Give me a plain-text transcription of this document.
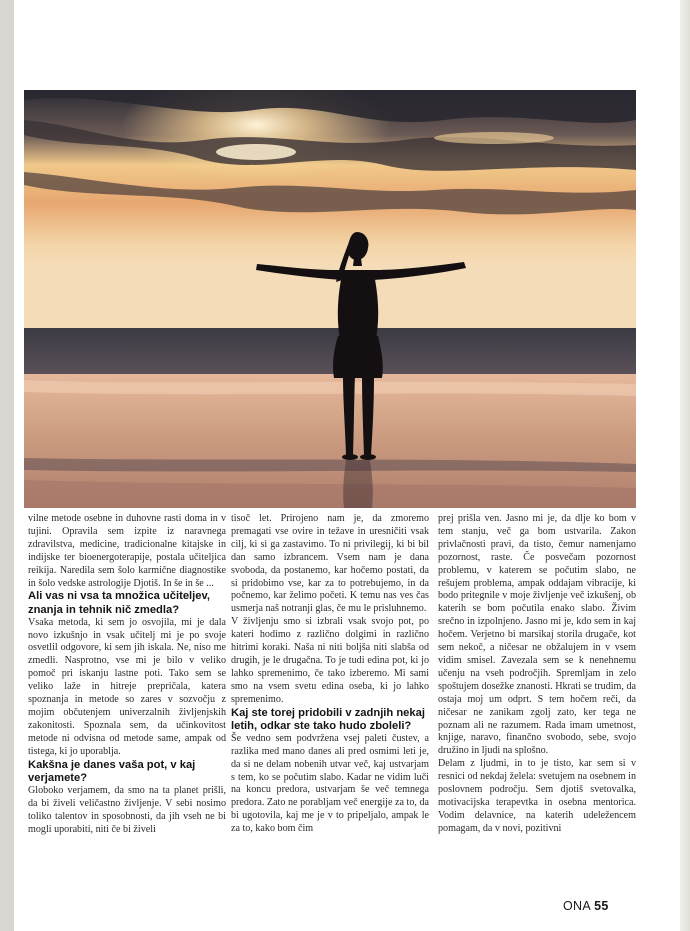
vilne metode osebne in duhovne rasti doma in v tujini. Opravila sem izpite iz naravnega zdravilstva, medicine, tradicionalne kitajske in indijske ter bioenergoterapije, postala učiteljica reikija. Naredila sem šolo karmične diagnostike in šolo vedske astrologije Djotiš. In še in še ...

Ali vas ni vsa ta množica učiteljev, znanja in tehnik nič zmedla?

Vsaka metoda, ki sem jo osvojila, mi je dala novo izkušnjo in vsak učitelj mi je po svoje osvetlil odgovore, ki sem jih iskala. Ne, niso me zmedli. Nasprotno, vse mi je bilo v veliko pomoč pri iskanju lastne poti. Tako sem se veliko laže in hitreje prepričala, katera spoznanja in metode so zares v sozvočju z mojim občutenjem univerzalnih življenjskih zakonitosti. Spoznala sem, da učinkovitost metode ni odvisna od metode same, ampak od tistega, ki jo uporablja.

Kakšna je danes vaša pot, v kaj verjamete?

Globoko verjamem, da smo na ta planet prišli, da bi živeli veličastno življenje. V sebi nosimo toliko talentov in sposobnosti, da jih vseh ne bi mogli uporabiti, niti če bi živeli

tisoč let. Prirojeno nam je, da zmoremo premagati vse ovire in težave in uresničiti vsak cilj, ki si ga zastavimo. To ni privilegij, ki bi bil dan samo izbrancem. Vsem nam je dana svoboda, da postanemo, kar hočemo postati, da si pridobimo vse, kar za to potrebujemo, in da počnemo, kar želimo početi. K temu nas ves čas usmerja naš notranji glas, če mu le prisluhnemo.

V življenju smo si izbrali vsak svojo pot, po kateri hodimo z različno dolgimi in različno hitrimi koraki. Naša ni niti boljša niti slabša od drugih, je le drugačna. To je tudi edina pot, ki jo lahko spremenimo, če tako izberemo. Mi sami smo na vsem svetu edina oseba, ki jo lahko spremenimo.

Kaj ste torej pridobili v zadnjih nekaj letih, odkar ste tako hudo zboleli?

Še vedno sem podvržena vsej paleti čustev, a razlika med mano danes ali pred osmimi leti je, da si ne delam nobenih utvar več, kaj ustvarjam s tem, ko se počutim slabo. Kadar ne vidim luči na koncu predora, ustvarjam še več temnega predora. Zato ne porabljam več energije za to, da bi ugotovila, kaj me je v to pripeljalo, ampak le za to, kako bom čim

prej prišla ven. Jasno mi je, da dlje ko bom v tem stanju, več ga bom ustvarila. Zakon privlačnosti pravi, da tisto, čemur namenjamo pozornost, raste. Če posvečam pozornost problemu, v katerem se počutim slabo, ne rešujem problema, ampak oddajam vibracije, ki bodo pritegnile v moje življenje več izkušenj, ob katerih se bom počutila enako slabo. Živim srečno in izpolnjeno. Jasno mi je, kdo sem in kaj hočem. Verjetno bi marsikaj storila drugače, kot sem nekoč, a ničesar ne obžalujem in v vsem vidim smisel. Zavezala sem se k nenehnemu učenju na vseh področjih. Spremljam in zelo spoštujem dosežke znanosti. Hkrati se trudim, da ostaja moj um odprt. S tem hočem reči, da ničesar ne zanikam zgolj zato, ker tega ne poznam ali ne razumem. Rada imam umetnost, knjige, naravo, finančno svobodo, sebe, svojo družino in ljudi na splošno.

Delam z ljudmi, in to je tisto, kar sem si v resnici od nekdaj želela: svetujem na osebnem in poslovnem področju. Sem djotiš svetovalka, motivacijska terapevtka in osebna mentorica. Vodim delavnice, na katerih udeležencem pomagam, da v novi, pozitivni

ONA 55
